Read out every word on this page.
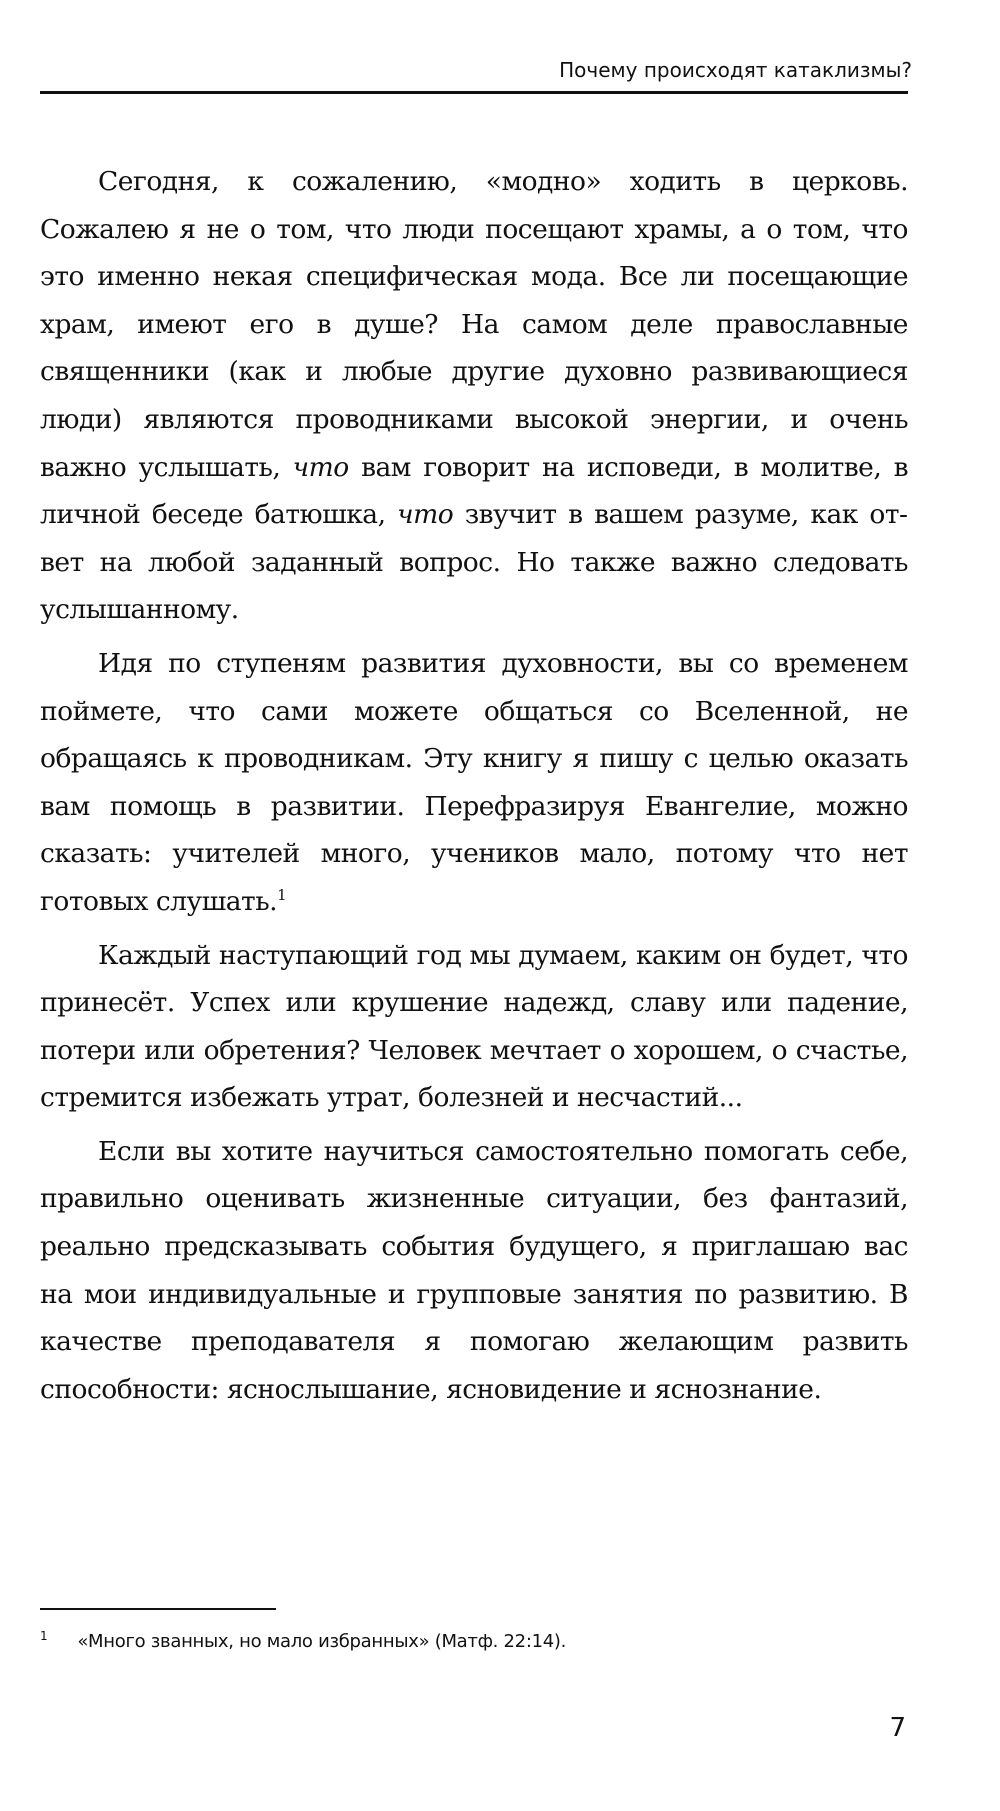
Почему происходят катаклизмы?

Сегодня, к сожалению, «модно» ходить в церковь. Сожалею я не о том, что люди посещают храмы, а о том, что это именно некая специфическая мода. Все ли посещающие храм, имеют его в душе? На самом деле православные священники (как и любые другие духовно развивающиеся люди) являются проводниками высокой энергии, и очень важно услышать, что вам говорит на исповеди, в молитве, в личной беседе батюшка, что звучит в вашем разуме, как ответ на любой заданный вопрос. Но также важно следовать услышанному.

Идя по ступеням развития духовности, вы со временем поймете, что сами можете общаться со Вселенной, не обращаясь к проводникам. Эту книгу я пишу с целью оказать вам помощь в развитии. Перефразируя Евангелие, можно сказать: учителей много, учеников мало, потому что нет готовых слушать.$^1$

Каждый наступающий год мы думаем, каким он будет, что принесёт. Успех или крушение надежд, славу или падение, потери или обретения? Человек мечтает о хорошем, о счастье, стремится избежать утрат, болезней и несчастий...

Если вы хотите научиться самостоятельно помогать себе, правильно оценивать жизненные ситуации, без фантазий, реально предсказывать события будущего, я приглашаю вас на мои индивидуальные и групповые занятия по развитию. В качестве преподавателя я помогаю желающим развить способности: яснослышание, ясновидение и яснознание.

$^1$ «Много званных, но мало избранных» (Матф. 22:14).
7
